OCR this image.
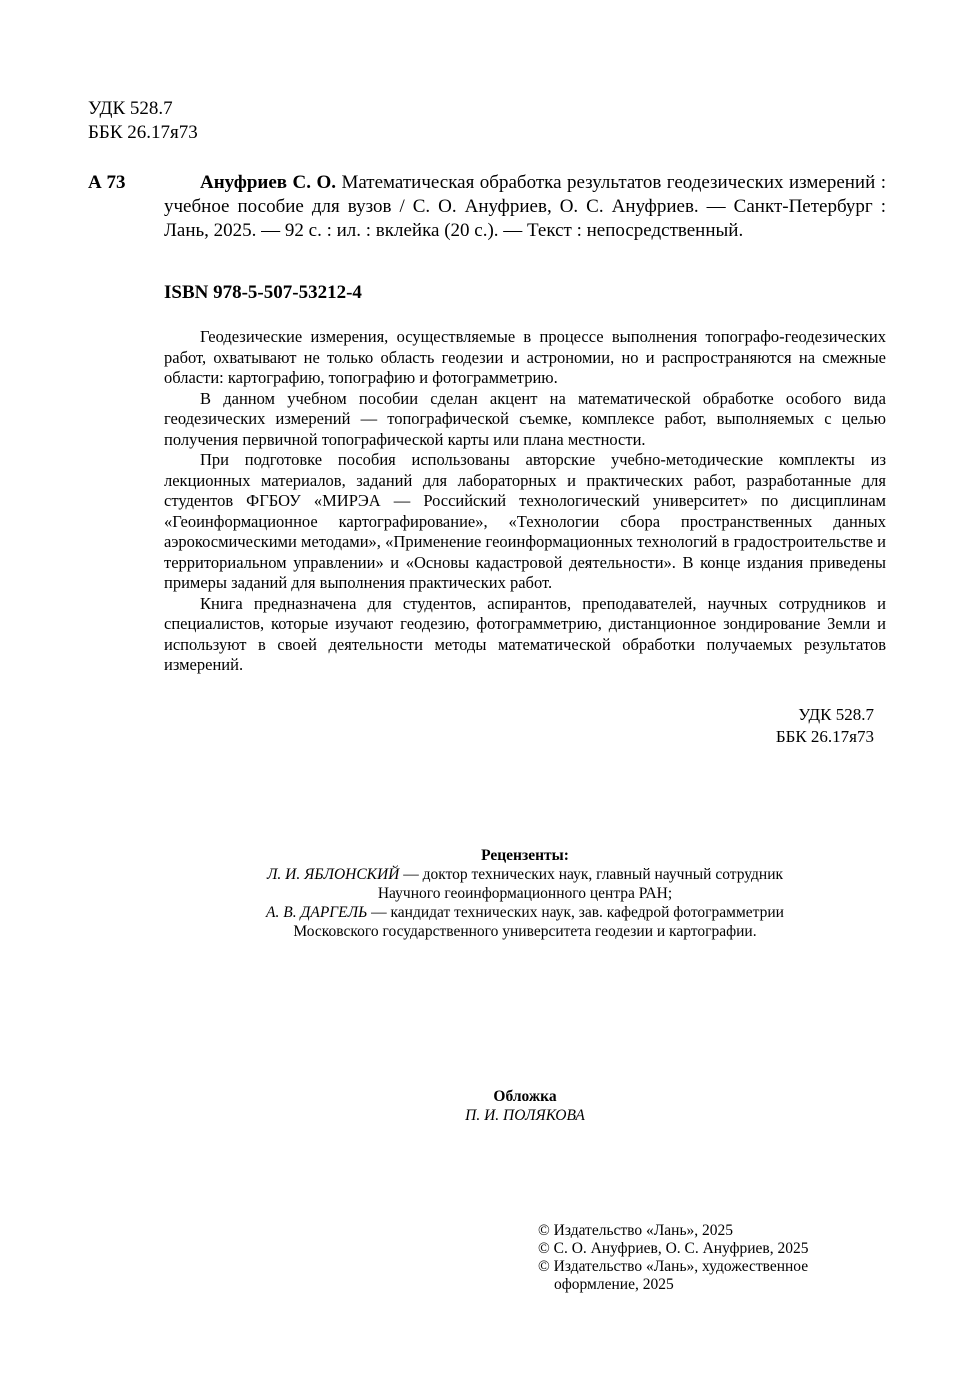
УДК 528.7
ББК 26.17я73
А 73	Ануфриев С. О. Математическая обработка результатов геодезических измерений : учебное пособие для вузов / С. О. Ануфриев, О. С. Ануфриев. — Санкт-Петербург : Лань, 2025. — 92 с. : ил. : вклейка (20 с.). — Текст : непосредственный.

ISBN 978-5-507-53212-4

Геодезические измерения, осуществляемые в процессе выполнения топографо-геодезических работ, охватывают не только область геодезии и астрономии, но и распространяются на смежные области: картографию, топографию и фотограмметрию.

В данном учебном пособии сделан акцент на математической обработке особого вида геодезических измерений — топографической съемке, комплексе работ, выполняемых с целью получения первичной топографической карты или плана местности.

При подготовке пособия использованы авторские учебно-методические комплекты из лекционных материалов, заданий для лабораторных и практических работ, разработанные для студентов ФГБОУ «МИРЭА — Российский технологический университет» по дисциплинам «Геоинформационное картографирование», «Технологии сбора пространственных данных аэрокосмическими методами», «Применение геоинформационных технологий в градостроительстве и территориальном управлении» и «Основы кадастровой деятельности». В конце издания приведены примеры заданий для выполнения практических работ.

Книга предназначена для студентов, аспирантов, преподавателей, научных сотрудников и специалистов, которые изучают геодезию, фотограмметрию, дистанционное зондирование Земли и используют в своей деятельности методы математической обработки получаемых результатов измерений.

УДК 528.7
ББК 26.17я73
Рецензенты:
Л. И. ЯБЛОНСКИЙ — доктор технических наук, главный научный сотрудник
Научного геоинформационного центра РАН;
А. В. ДАРГЕЛЬ — кандидат технических наук, зав. кафедрой фотограмметрии
Московского государственного университета геодезии и картографии.
Обложка
П. И. ПОЛЯКОВА
© Издательство «Лань», 2025
© С. О. Ануфриев, О. С. Ануфриев, 2025
© Издательство «Лань», художественное
оформление, 2025
